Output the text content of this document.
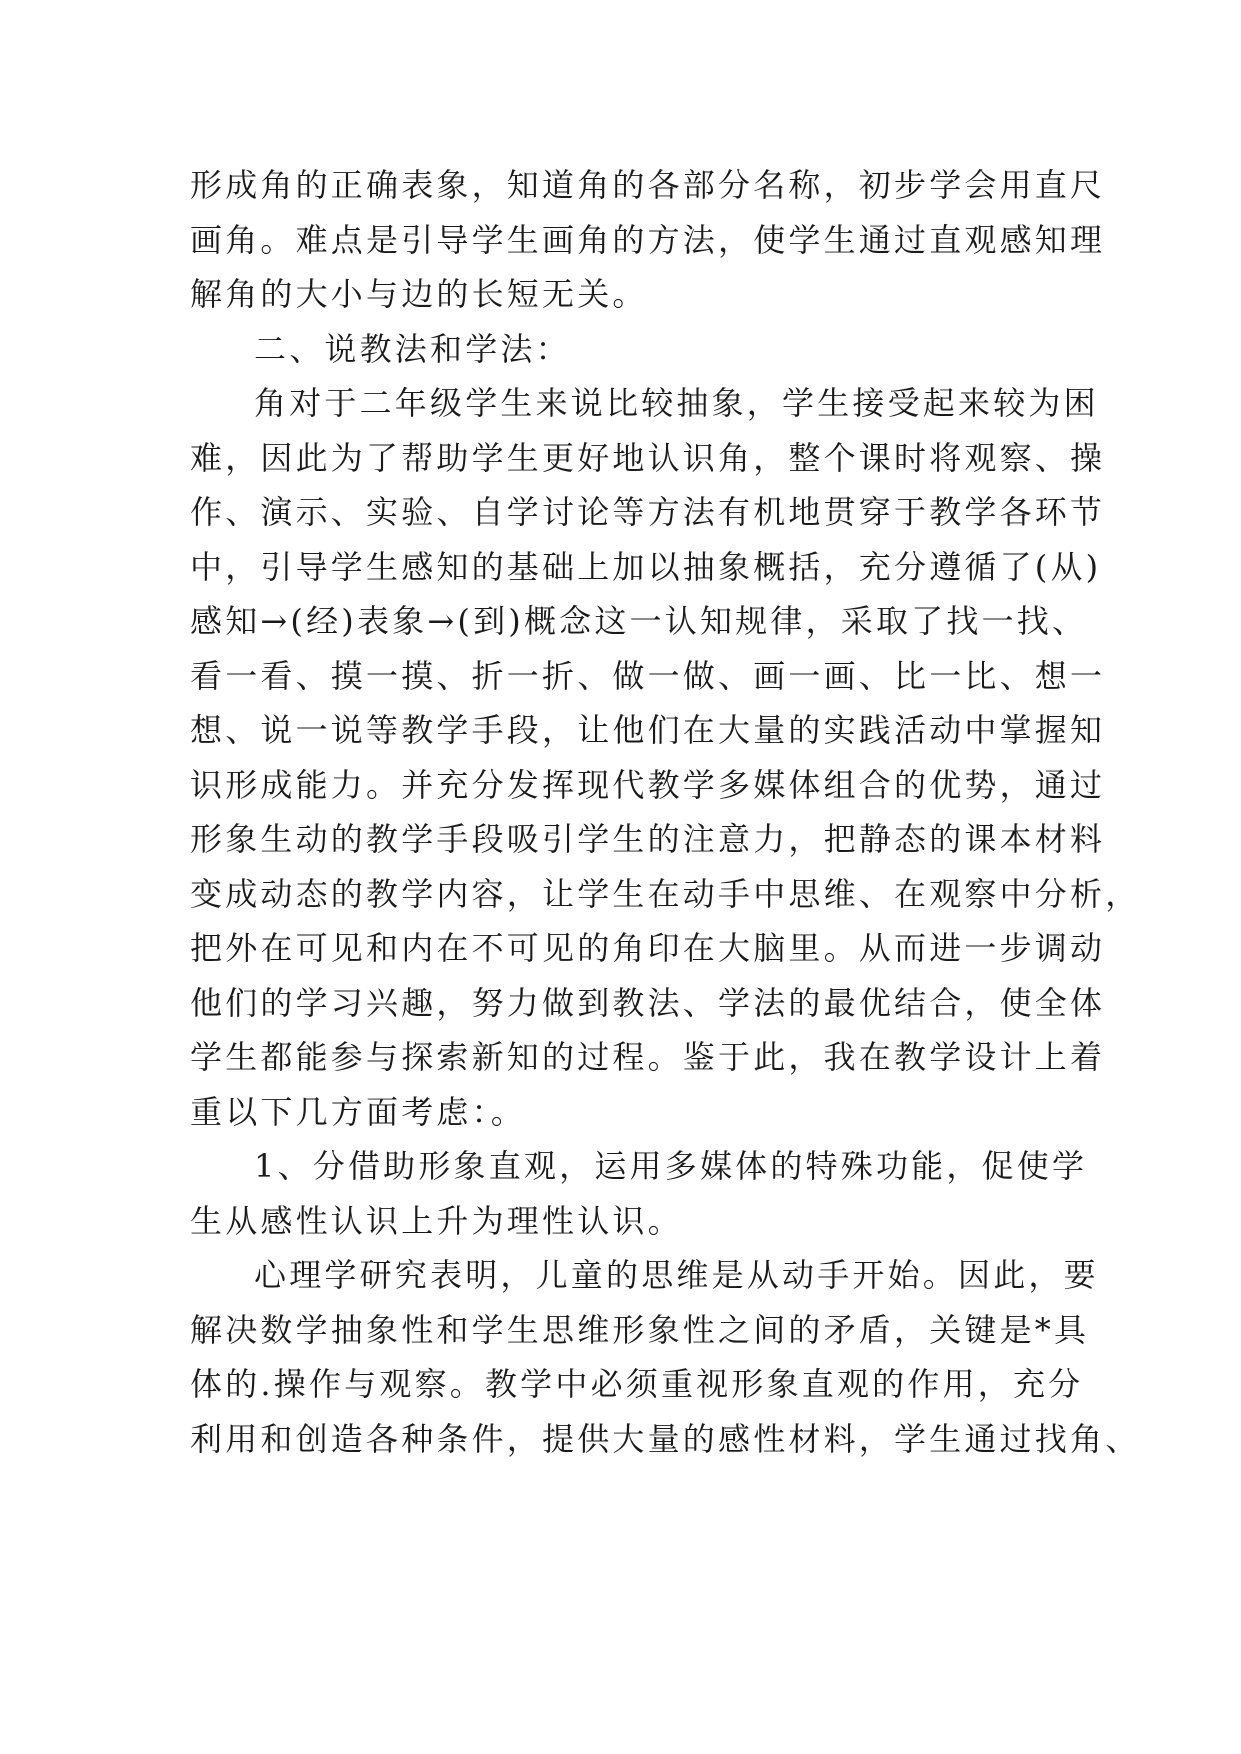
形成角的正确表象，知道角的各部分名称，初步学会用直尺
画角。难点是引导学生画角的方法，使学生通过直观感知理
解角的大小与边的长短无关。
二、说教法和学法：
角对于二年级学生来说比较抽象，学生接受起来较为困
难，因此为了帮助学生更好地认识角，整个课时将观察、操
作、演示、实验、自学讨论等方法有机地贯穿于教学各环节
中，引导学生感知的基础上加以抽象概括，充分遵循了(从)
感知→(经)表象→(到)概念这一认知规律，采取了找一找、
看一看、摸一摸、折一折、做一做、画一画、比一比、想一
想、说一说等教学手段，让他们在大量的实践活动中掌握知
识形成能力。并充分发挥现代教学多媒体组合的优势，通过
形象生动的教学手段吸引学生的注意力，把静态的课本材料
变成动态的教学内容，让学生在动手中思维、在观察中分析，
把外在可见和内在不可见的角印在大脑里。从而进一步调动
他们的学习兴趣，努力做到教法、学法的最优结合，使全体
学生都能参与探索新知的过程。鉴于此，我在教学设计上着
重以下几方面考虑：。
1、分借助形象直观，运用多媒体的特殊功能，促使学
生从感性认识上升为理性认识。
心理学研究表明，儿童的思维是从动手开始。因此，要
解决数学抽象性和学生思维形象性之间的矛盾，关键是*具
体的.操作与观察。教学中必须重视形象直观的作用，充分
利用和创造各种条件，提供大量的感性材料，学生通过找角、
